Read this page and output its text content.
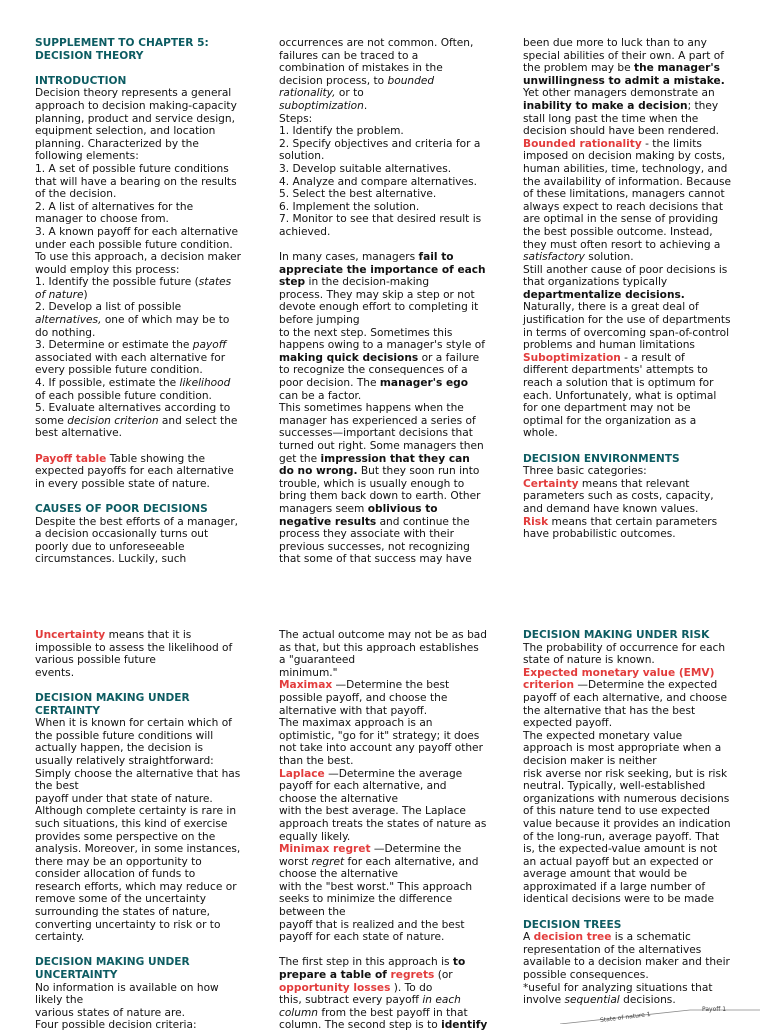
SUPPLEMENT TO CHAPTER 5:

DECISION THEORY

INTRODUCTION

Decision theory represents a general

approach to decision making-capacity

planning, product and service design,

equipment selection, and location

planning. Characterized by the

following elements:

1. A set of possible future conditions

that will have a bearing on the results

of the decision.

2. A list of alternatives for the

manager to choose from.

3. A known payoff for each alternative

under each possible future condition.

To use this approach, a decision maker

would employ this process:

1. Identify the possible future (states

of nature)

2. Develop a list of possible

alternatives, one of which may be to

do nothing.

3. Determine or estimate the payoff

associated with each alternative for

every possible future condition.

4. If possible, estimate the likelihood

of each possible future condition.

5. Evaluate alternatives according to

some decision criterion and select the

best alternative.

Payoff table Table showing the

expected payoffs for each alternative

in every possible state of nature.

CAUSES OF POOR DECISIONS

Despite the best efforts of a manager,

a decision occasionally turns out

poorly due to unforeseeable

circumstances. Luckily, such

occurrences are not common. Often,

failures can be traced to a

combination of mistakes in the

decision process, to bounded

rationality, or to

suboptimization.

Steps:

1. Identify the problem.

2. Specify objectives and criteria for a

solution.

3. Develop suitable alternatives.

4. Analyze and compare alternatives.

5. Select the best alternative.

6. Implement the solution.

7. Monitor to see that desired result is

achieved.

In many cases, managers fail to

appreciate the importance of each

step in the decision-making

process. They may skip a step or not

devote enough effort to completing it

before jumping

to the next step. Sometimes this

happens owing to a manager's style of

making quick decisions or a failure

to recognize the consequences of a

poor decision. The manager's ego

can be a factor.

This sometimes happens when the

manager has experienced a series of

successes—important decisions that

turned out right. Some managers then

get the impression that they can

do no wrong. But they soon run into

trouble, which is usually enough to

bring them back down to earth. Other

managers seem oblivious to

negative results and continue the

process they associate with their

previous successes, not recognizing

that some of that success may have

been due more to luck than to any

special abilities of their own. A part of

the problem may be the manager's

unwillingness to admit a mistake.

Yet other managers demonstrate an

inability to make a decision; they

stall long past the time when the

decision should have been rendered.

Bounded rationality - the limits

imposed on decision making by costs,

human abilities, time, technology, and

the availability of information. Because

of these limitations, managers cannot

always expect to reach decisions that

are optimal in the sense of providing

the best possible outcome. Instead,

they must often resort to achieving a

satisfactory solution.

Still another cause of poor decisions is

that organizations typically

departmentalize decisions.

Naturally, there is a great deal of

justification for the use of departments

in terms of overcoming span-of-control

problems and human limitations

Suboptimization - a result of

different departments' attempts to

reach a solution that is optimum for

each. Unfortunately, what is optimal

for one department may not be

optimal for the organization as a

whole.

DECISION ENVIRONMENTS

Three basic categories:

Certainty means that relevant

parameters such as costs, capacity,

and demand have known values.

Risk means that certain parameters

have probabilistic outcomes.

Uncertainty means that it is

impossible to assess the likelihood of

various possible future

events.

DECISION MAKING UNDER

CERTAINTY

When it is known for certain which of

the possible future conditions will

actually happen, the decision is

usually relatively straightforward:

Simply choose the alternative that has

the best

payoff under that state of nature.

Although complete certainty is rare in

such situations, this kind of exercise

provides some perspective on the

analysis. Moreover, in some instances,

there may be an opportunity to

consider allocation of funds to

research efforts, which may reduce or

remove some of the uncertainty

surrounding the states of nature,

converting uncertainty to risk or to

certainty.

DECISION MAKING UNDER

UNCERTAINTY

No information is available on how

likely the

various states of nature are.

Four possible decision criteria:

The actual outcome may not be as bad

as that, but this approach establishes

a "guaranteed

minimum."

Maximax —Determine the best

possible payoff, and choose the

alternative with that payoff.

The maximax approach is an

optimistic, "go for it" strategy; it does

not take into account any payoff other

than the best.

Laplace —Determine the average

payoff for each alternative, and

choose the alternative

with the best average. The Laplace

approach treats the states of nature as

equally likely.

Minimax regret —Determine the

worst regret for each alternative, and

choose the alternative

with the "best worst." This approach

seeks to minimize the difference

between the

payoff that is realized and the best

payoff for each state of nature.

The first step in this approach is to

prepare a table of regrets (or

opportunity losses ). To do

this, subtract every payoff in each

column from the best payoff in that

column. The second step is to identify

DECISION MAKING UNDER RISK

The probability of occurrence for each

state of nature is known.

Expected monetary value (EMV)

criterion —Determine the expected

payoff of each alternative, and choose

the alternative that has the best

expected payoff.

The expected monetary value

approach is most appropriate when a

decision maker is neither

risk averse nor risk seeking, but is risk

neutral. Typically, well-established

organizations with numerous decisions

of this nature tend to use expected

value because it provides an indication

of the long-run, average payoff. That

is, the expected-value amount is not

an actual payoff but an expected or

average amount that would be

approximated if a large number of

identical decisions were to be made

DECISION TREES

A decision tree is a schematic

representation of the alternatives

available to a decision maker and their

possible consequences.

*useful for analyzing situations that

involve sequential decisions.

State of nature 1
Payoff 1
